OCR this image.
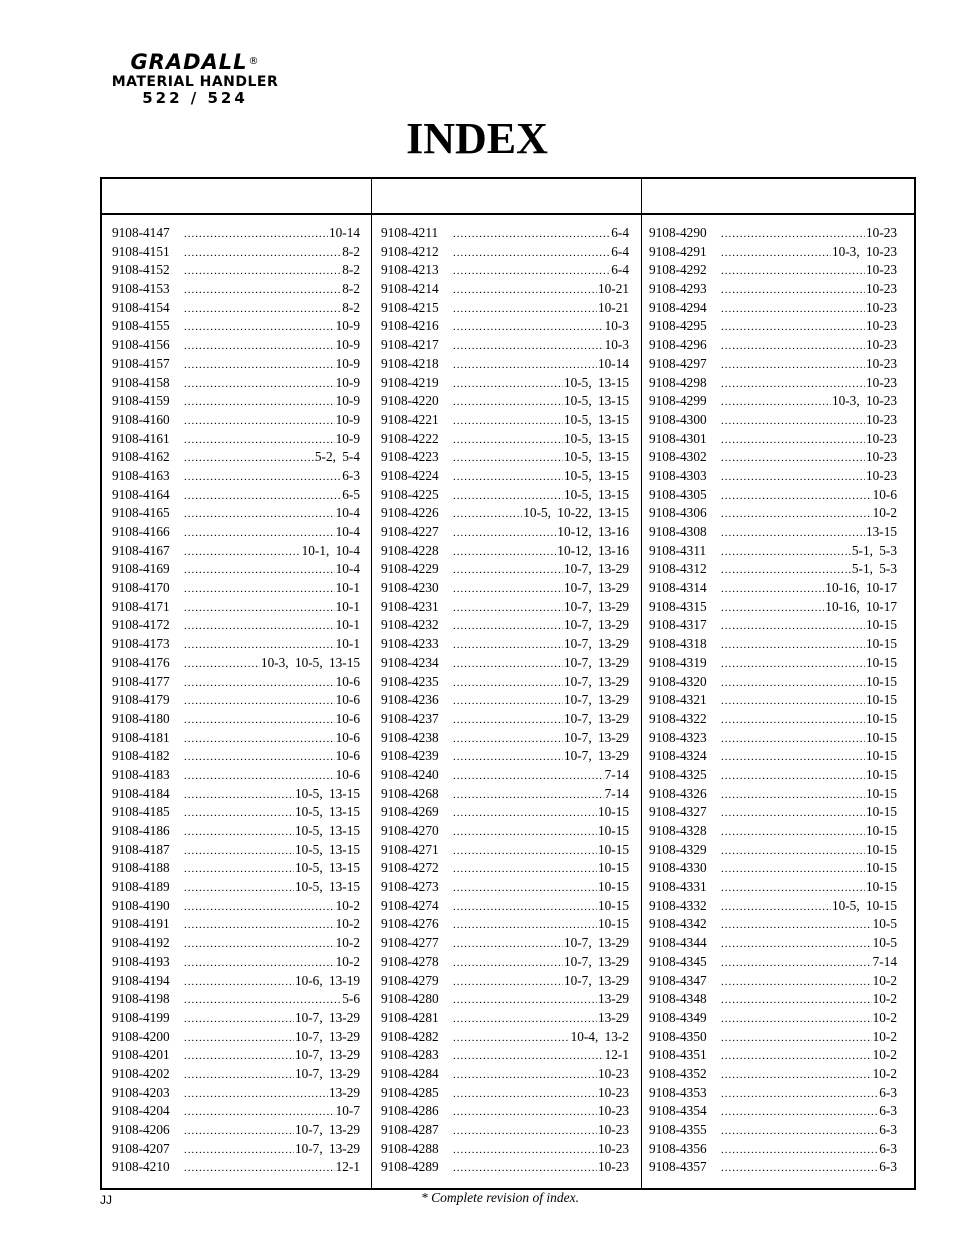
GRADALL®
MATERIAL HANDLER
522 / 524
INDEX
9108-4147 .....	10-14
9108-4151 .....	8-2
9108-4152 .....	8-2
9108-4153 .....	8-2
9108-4154 .....	8-2
9108-4155 .....	10-9
9108-4156 .....	10-9
9108-4157 .....	10-9
9108-4158 .....	10-9
9108-4159 .....	10-9
9108-4160 .....	10-9
9108-4161 .....	10-9
9108-4162 .....	5-2, 5-4
9108-4163 .....	6-3
9108-4164 .....	6-5
9108-4165 .....	10-4
9108-4166 .....	10-4
9108-4167 .....	10-1, 10-4
9108-4169 .....	10-4
9108-4170 .....	10-1
9108-4171 .....	10-1
9108-4172 .....	10-1
9108-4173 .....	10-1
9108-4176 .....	10-3, 10-5, 13-15
9108-4177 .....	10-6
9108-4179 .....	10-6
9108-4180 .....	10-6
9108-4181 .....	10-6
9108-4182 .....	10-6
9108-4183 .....	10-6
9108-4184 .....	10-5, 13-15
9108-4185 .....	10-5, 13-15
9108-4186 .....	10-5, 13-15
9108-4187 .....	10-5, 13-15
9108-4188 .....	10-5, 13-15
9108-4189 .....	10-5, 13-15
9108-4190 .....	10-2
9108-4191 .....	10-2
9108-4192 .....	10-2
9108-4193 .....	10-2
9108-4194 .....	10-6, 13-19
9108-4198 .....	5-6
9108-4199 .....	10-7, 13-29
9108-4200 .....	10-7, 13-29
9108-4201 .....	10-7, 13-29
9108-4202 .....	10-7, 13-29
9108-4203 .....	13-29
9108-4204 .....	10-7
9108-4206 .....	10-7, 13-29
9108-4207 .....	10-7, 13-29
9108-4210 .....	12-1
9108-4211 .....	6-4
9108-4212 .....	6-4
9108-4213 .....	6-4
9108-4214 .....	10-21
9108-4215 .....	10-21
9108-4216 .....	10-3
9108-4217 .....	10-3
9108-4218 .....	10-14
9108-4219 .....	10-5, 13-15
9108-4220 .....	10-5, 13-15
9108-4221 .....	10-5, 13-15
9108-4222 .....	10-5, 13-15
9108-4223 .....	10-5, 13-15
9108-4224 .....	10-5, 13-15
9108-4225 .....	10-5, 13-15
9108-4226 .....	10-5, 10-22, 13-15
9108-4227 .....	10-12, 13-16
9108-4228 .....	10-12, 13-16
9108-4229 .....	10-7, 13-29
9108-4230 .....	10-7, 13-29
9108-4231 .....	10-7, 13-29
9108-4232 .....	10-7, 13-29
9108-4233 .....	10-7, 13-29
9108-4234 .....	10-7, 13-29
9108-4235 .....	10-7, 13-29
9108-4236 .....	10-7, 13-29
9108-4237 .....	10-7, 13-29
9108-4238 .....	10-7, 13-29
9108-4239 .....	10-7, 13-29
9108-4240 .....	7-14
9108-4268 .....	7-14
9108-4269 .....	10-15
9108-4270 .....	10-15
9108-4271 .....	10-15
9108-4272 .....	10-15
9108-4273 .....	10-15
9108-4274 .....	10-15
9108-4276 .....	10-15
9108-4277 .....	10-7, 13-29
9108-4278 .....	10-7, 13-29
9108-4279 .....	10-7, 13-29
9108-4280 .....	13-29
9108-4281 .....	13-29
9108-4282 .....	10-4, 13-2
9108-4283 .....	12-1
9108-4284 .....	10-23
9108-4285 .....	10-23
9108-4286 .....	10-23
9108-4287 .....	10-23
9108-4288 .....	10-23
9108-4289 .....	10-23
9108-4290 .....	10-23
9108-4291 .....	10-3, 10-23
9108-4292 .....	10-23
9108-4293 .....	10-23
9108-4294 .....	10-23
9108-4295 .....	10-23
9108-4296 .....	10-23
9108-4297 .....	10-23
9108-4298 .....	10-23
9108-4299 .....	10-3, 10-23
9108-4300 .....	10-23
9108-4301 .....	10-23
9108-4302 .....	10-23
9108-4303 .....	10-23
9108-4305 .....	10-6
9108-4306 .....	10-2
9108-4308 .....	13-15
9108-4311 .....	5-1, 5-3
9108-4312 .....	5-1, 5-3
9108-4314 .....	10-16, 10-17
9108-4315 .....	10-16, 10-17
9108-4317 .....	10-15
9108-4318 .....	10-15
9108-4319 .....	10-15
9108-4320 .....	10-15
9108-4321 .....	10-15
9108-4322 .....	10-15
9108-4323 .....	10-15
9108-4324 .....	10-15
9108-4325 .....	10-15
9108-4326 .....	10-15
9108-4327 .....	10-15
9108-4328 .....	10-15
9108-4329 .....	10-15
9108-4330 .....	10-15
9108-4331 .....	10-15
9108-4332 .....	10-5, 10-15
9108-4342 .....	10-5
9108-4344 .....	10-5
9108-4345 .....	7-14
9108-4347 .....	10-2
9108-4348 .....	10-2
9108-4349 .....	10-2
9108-4350 .....	10-2
9108-4351 .....	10-2
9108-4352 .....	10-2
9108-4353 .....	6-3
9108-4354 .....	6-3
9108-4355 .....	6-3
9108-4356 .....	6-3
9108-4357 .....	6-3
JJ	* Complete revision of index.
